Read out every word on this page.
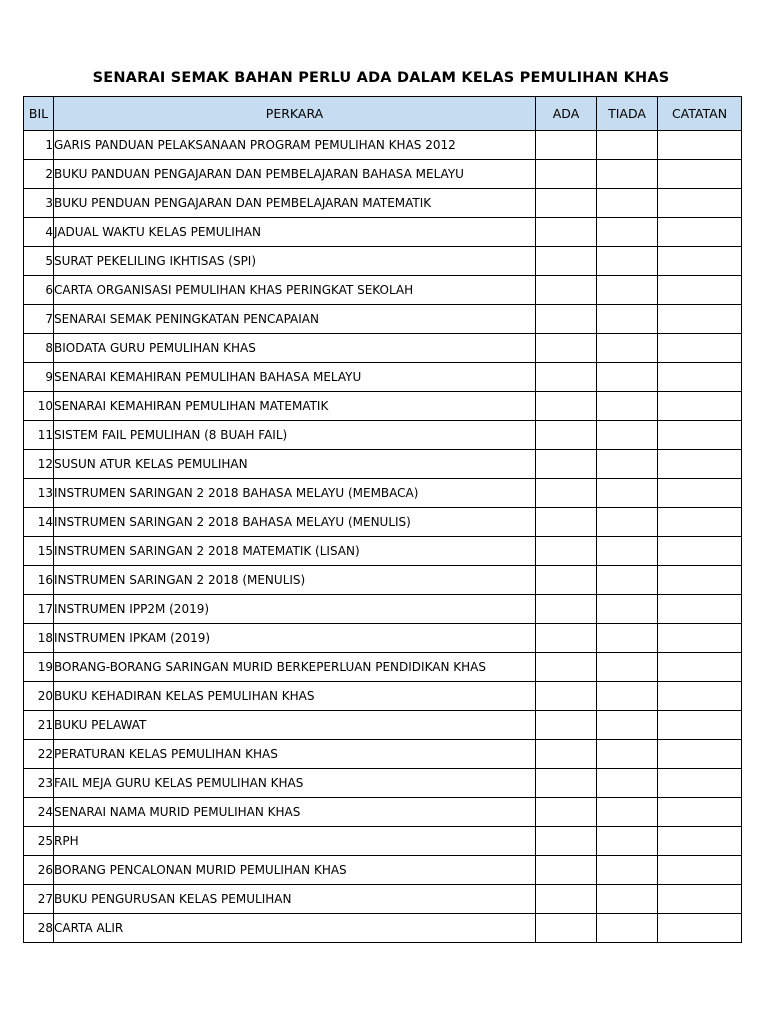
SENARAI SEMAK BAHAN PERLU ADA DALAM KELAS PEMULIHAN KHAS
BIL	PERKARA	ADA	TIADA	CATATAN
1	GARIS PANDUAN PELAKSANAAN PROGRAM PEMULIHAN KHAS 2012			
2	BUKU PANDUAN PENGAJARAN DAN PEMBELAJARAN BAHASA MELAYU			
3	BUKU PENDUAN PENGAJARAN DAN PEMBELAJARAN MATEMATIK			
4	JADUAL WAKTU KELAS PEMULIHAN			
5	SURAT PEKELILING IKHTISAS (SPI)			
6	CARTA ORGANISASI PEMULIHAN KHAS PERINGKAT SEKOLAH			
7	SENARAI SEMAK PENINGKATAN PENCAPAIAN			
8	BIODATA GURU PEMULIHAN KHAS			
9	SENARAI KEMAHIRAN PEMULIHAN BAHASA MELAYU			
10	SENARAI KEMAHIRAN PEMULIHAN MATEMATIK			
11	SISTEM FAIL PEMULIHAN (8 BUAH FAIL)			
12	SUSUN ATUR KELAS PEMULIHAN			
13	INSTRUMEN SARINGAN 2 2018 BAHASA MELAYU (MEMBACA)			
14	INSTRUMEN SARINGAN 2 2018 BAHASA MELAYU (MENULIS)			
15	INSTRUMEN SARINGAN 2 2018 MATEMATIK (LISAN)			
16	INSTRUMEN SARINGAN 2 2018 (MENULIS)			
17	INSTRUMEN IPP2M (2019)			
18	INSTRUMEN IPKAM (2019)			
19	BORANG-BORANG SARINGAN MURID BERKEPERLUAN PENDIDIKAN KHAS			
20	BUKU KEHADIRAN KELAS PEMULIHAN KHAS			
21	BUKU PELAWAT			
22	PERATURAN KELAS PEMULIHAN KHAS			
23	FAIL MEJA GURU KELAS PEMULIHAN KHAS			
24	SENARAI NAMA MURID PEMULIHAN KHAS			
25	RPH			
26	BORANG PENCALONAN MURID PEMULIHAN KHAS			
27	BUKU PENGURUSAN KELAS PEMULIHAN			
28	CARTA ALIR			
